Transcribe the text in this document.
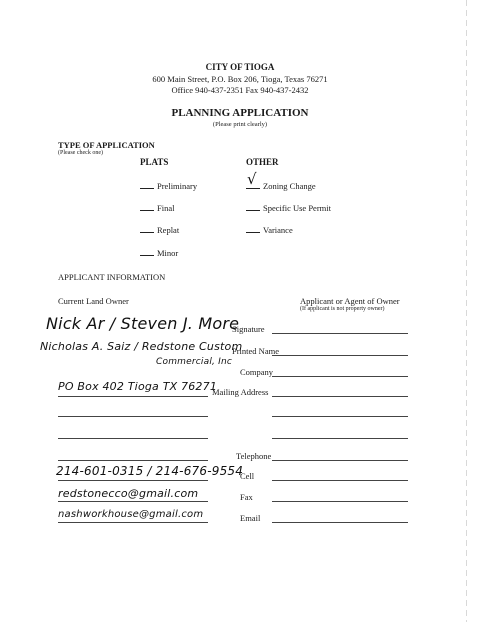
CITY OF TIOGA
600 Main Street, P.O. Box 206, Tioga, Texas 76271
Office 940-437-2351 Fax 940-437-2432
PLANNING APPLICATION
(Please print clearly)
TYPE OF APPLICATION
(Please check one)
PLATS	OTHER
Preliminary
Final
Replat
Minor
Zoning Change
√
Specific Use Permit
Variance
APPLICANT INFORMATION
Current Land Owner	Applicant or Agent of Owner
(If applicant is not property owner)
Signature
Printed Name
Company
Mailing Address
Telephone
Cell
Fax
Email
Nick Ar / Steven J. More
Nicholas A. Saiz / Redstone Custom
Commercial, Inc
PO Box 402 Tioga TX 76271
214-601-0315 / 214-676-9554
redstonecco@gmail.com
nashworkhouse@gmail.com
